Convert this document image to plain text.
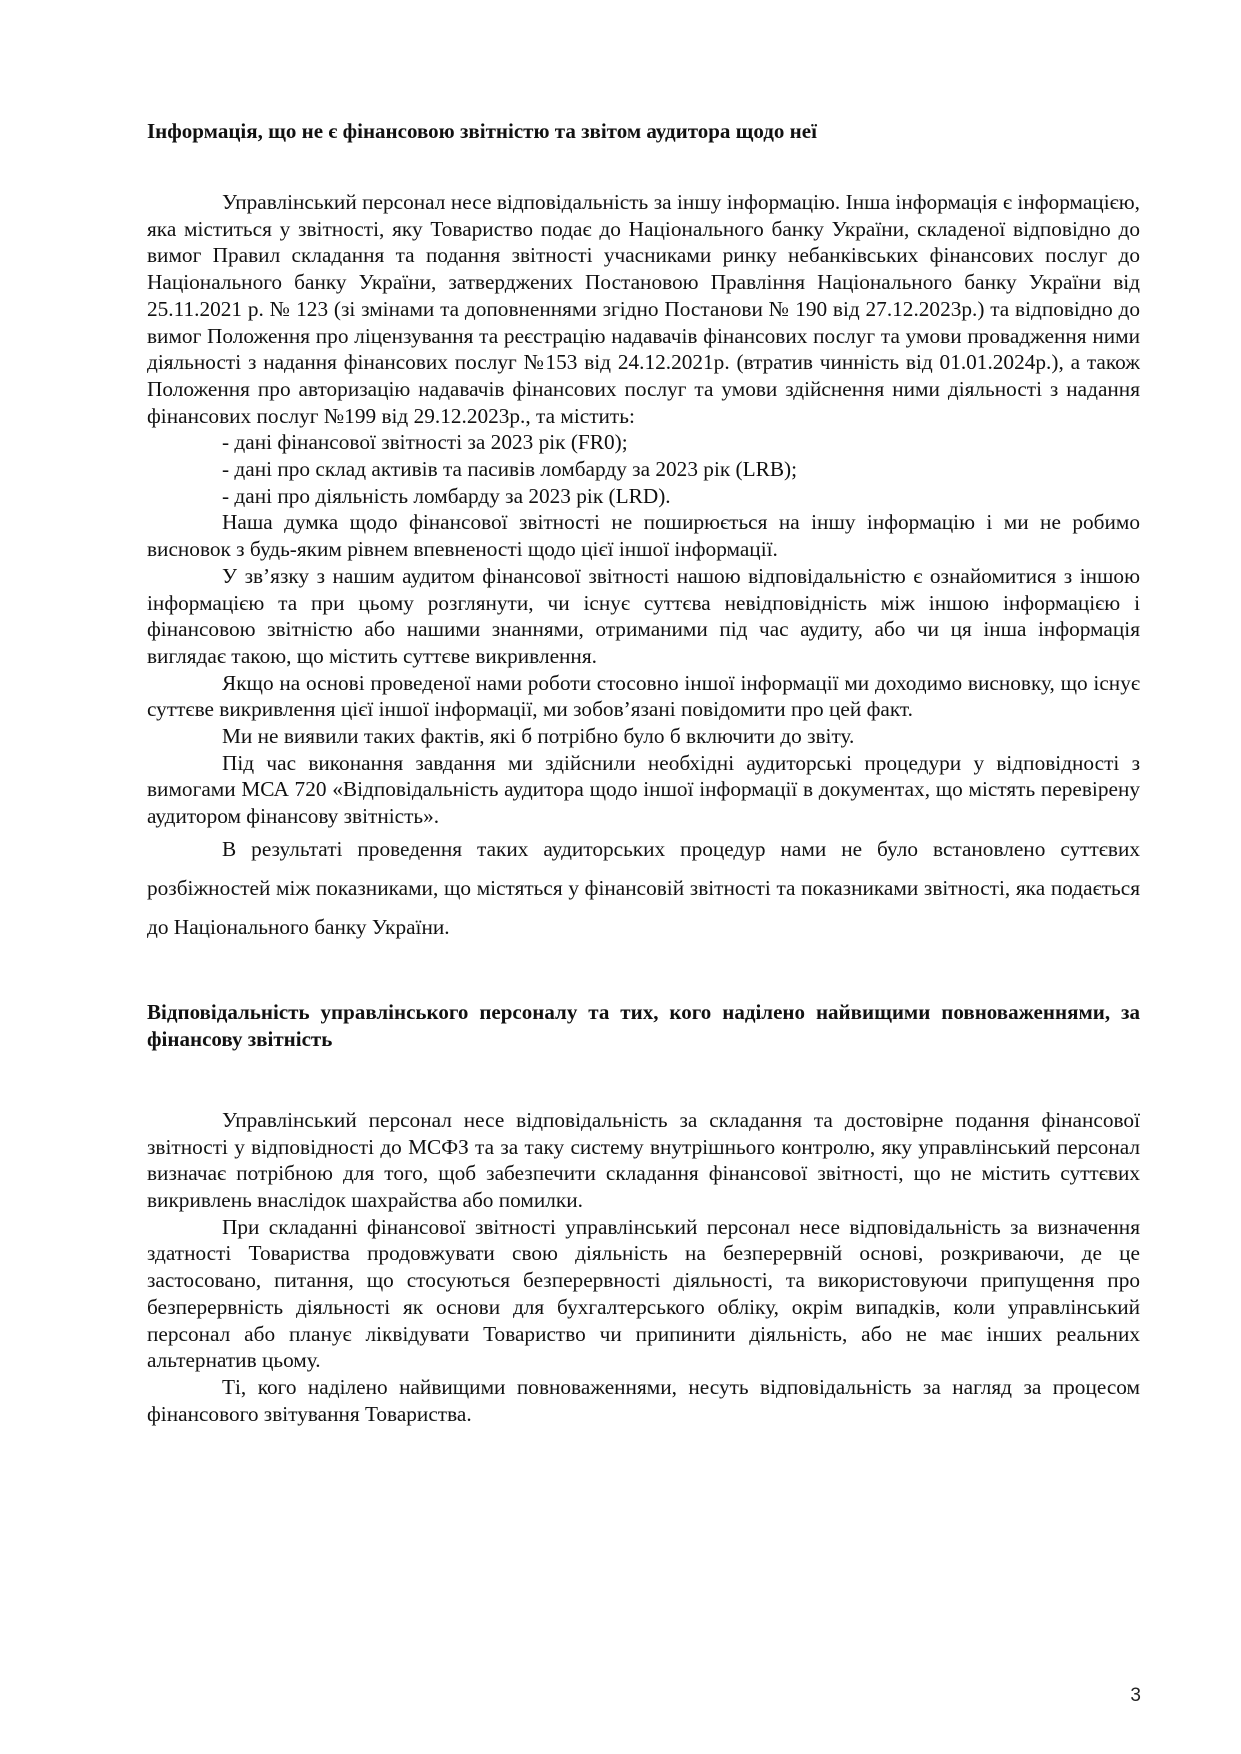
Інформація, що не є фінансовою звітністю та звітом аудитора щодо неї

Управлінський персонал несе відповідальність за іншу інформацію. Інша інформація є інформацією, яка міститься у звітності, яку Товариство подає до Національного банку України, складеної відповідно до вимог Правил складання та подання звітності учасниками ринку небанківських фінансових послуг до Національного банку України, затверджених Постановою Правління Національного банку України від 25.11.2021 р. № 123 (зі змінами та доповненнями згідно Постанови № 190 від 27.12.2023р.) та відповідно до вимог Положення про ліцензування та реєстрацію надавачів фінансових послуг та умови провадження ними діяльності з надання фінансових послуг №153 від 24.12.2021р. (втратив чинність від 01.01.2024р.), а також Положення про авторизацію надавачів фінансових послуг та умови здійснення ними діяльності з надання фінансових послуг №199 від 29.12.2023р., та містить:

- дані фінансової звітності за 2023 рік (FR0);

- дані про склад активів та пасивів ломбарду за 2023 рік (LRB);

- дані про діяльність ломбарду за 2023 рік (LRD).

Наша думка щодо фінансової звітності не поширюється на іншу інформацію і ми не робимо висновок з будь-яким рівнем впевненості щодо цієї іншої інформації.

У зв’язку з нашим аудитом фінансової звітності нашою відповідальністю є ознайомитися з іншою інформацією та при цьому розглянути, чи існує суттєва невідповідність між іншою інформацією і фінансовою звітністю або нашими знаннями, отриманими під час аудиту, або чи ця інша інформація виглядає такою, що містить суттєве викривлення.

Якщо на основі проведеної нами роботи стосовно іншої інформації ми доходимо висновку, що існує суттєве викривлення цієї іншої інформації, ми зобов’язані повідомити про цей факт.

Ми не виявили таких фактів, які б потрібно було б включити до звіту.

Під час виконання завдання ми здійснили необхідні аудиторські процедури у відповідності з вимогами МСА 720 «Відповідальність аудитора щодо іншої інформації в документах, що містять перевірену аудитором фінансову звітність».

В результаті проведення таких аудиторських процедур нами не було встановлено суттєвих розбіжностей між показниками, що містяться у фінансовій звітності та показниками звітності, яка подається до Національного банку України.

Відповідальність управлінського персоналу та тих, кого наділено найвищими повноваженнями, за фінансову звітність

Управлінський персонал несе відповідальність за складання та достовірне подання фінансової звітності у відповідності до МСФЗ та за таку систему внутрішнього контролю, яку управлінський персонал визначає потрібною для того, щоб забезпечити складання фінансової звітності, що не містить суттєвих викривлень внаслідок шахрайства або помилки.

При складанні фінансової звітності управлінський персонал несе відповідальність за визначення здатності Товариства продовжувати свою діяльність на безперервній основі, розкриваючи, де це застосовано, питання, що стосуються безперервності діяльності, та використовуючи припущення про безперервність діяльності як основи для бухгалтерського обліку, окрім випадків, коли управлінський персонал або планує ліквідувати Товариство чи припинити діяльність, або не має інших реальних альтернатив цьому.

Ті, кого наділено найвищими повноваженнями, несуть відповідальність за нагляд за процесом фінансового звітування Товариства.

3
